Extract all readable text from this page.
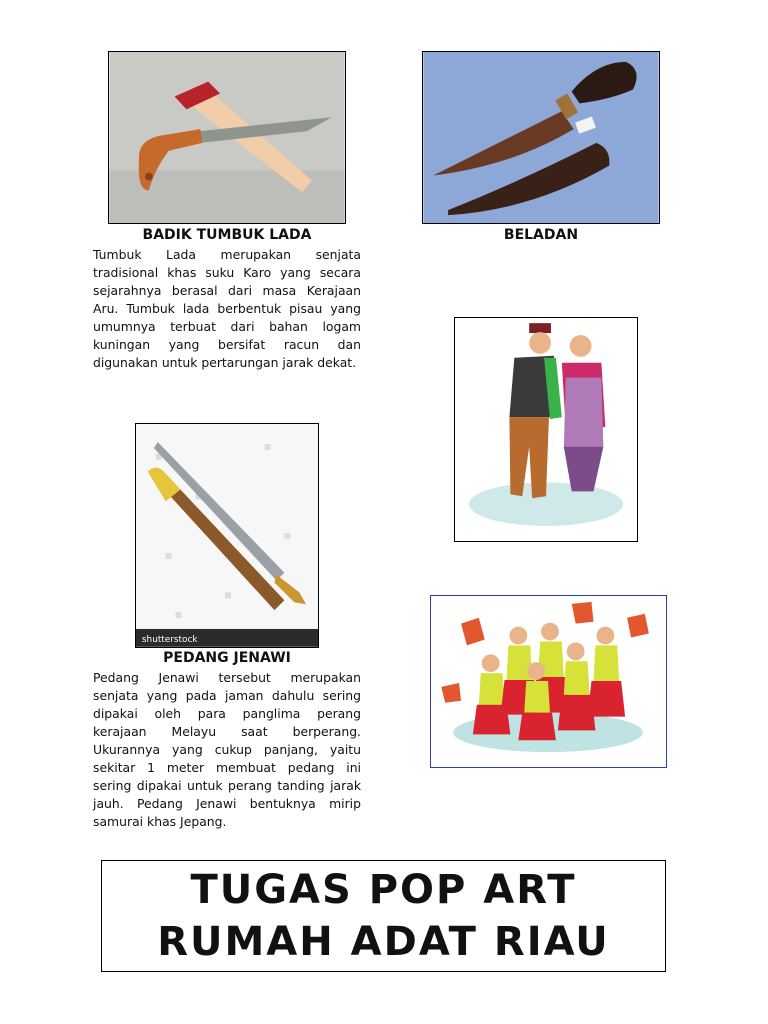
BADIK TUMBUK LADA
Tumbuk Lada merupakan senjata tradisional khas suku Karo yang secara sejarahnya berasal dari masa Kerajaan Aru. Tumbuk lada berbentuk pisau yang umumnya terbuat dari bahan logam kuningan yang bersifat racun dan digunakan untuk pertarungan jarak dekat.
BELADAN
shutterstock
PEDANG JENAWI
Pedang Jenawi tersebut merupakan senjata yang pada jaman dahulu sering dipakai oleh para panglima perang kerajaan Melayu saat berperang. Ukurannya yang cukup panjang, yaitu sekitar 1 meter membuat pedang ini sering dipakai untuk perang tanding jarak jauh. Pedang Jenawi bentuknya mirip samurai khas Jepang.
TUGAS POP ART
RUMAH ADAT RIAU
